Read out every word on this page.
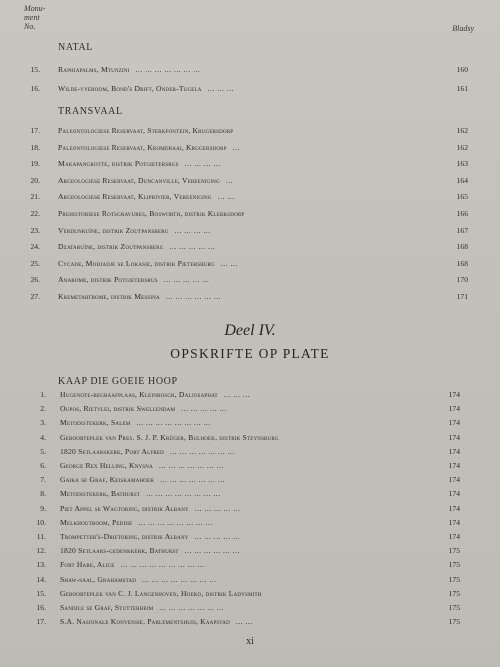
Monu-
ment
No.	Bladsy
NATAL
15. Raphiapalms, Mtunzini ... ... ... ... ... ... ...	160
16. Wilde-vyeboom, Bond's Drift, Onder-Tugela ... ... ...	161
TRANSVAAL
17. Paleontologiese Reservaat, Sterkfontein, Krugersdorp	162
18. Paleontologiese Reservaat, Kromdraai, Krugersdorp ...	162
19. Makapangrotte, distrik Potgietersrus ... ... ... ...	163
20. Argeologiese Reservaat, Duncanville, Vereeniging ...	164
21. Argeologiese Reservaat, Kliprivier, Vereeniging ... ...	165
22. Prehistoriese Rotsgravures, Bosworth, distrik Klerksdorp	166
23. Verdunruïne, distrik Zoutpansberg ... ... ... ...	167
24. Dzataruïne, distrik Zoutpansberg ... ... ... ... ...	168
25. Cycade, Modjadje se Lokasie, distrik Pietersburg ... ...	168
26. Anabome, distrik Potgietersrus ... ... ... ... ...	170
27. Kremetartbome, distrik Messina ... ... ... ... ... ...	171
Deel IV.
OPSKRIFTE OP PLATE
KAAP DIE GOEIE HOOP
1. Hugenote-begraafplaas, Kleinbosch, Daljosaphat ... ... ...	174
2. Oupos, Rietvlei, distrik Swellendam ... ... ... ... ...	174
3. Metodistekerk, Salem ... ... ... ... ... ... ... ...	174
4. Geboorteplek van Pres. S. J. P. Krüger, Bulhoek, distrik Steynsburg	174
5. 1820 Setlaarskerk, Port Alfred ... ... ... ... ... ... ...	174
6. George Rex Helling, Knysna ... ... ... ... ... ... ...	174
7. Gaika se Graf, Keiskamahoek ... ... ... ... ... ... ...	174
8. Metodistekerk, Bathurst ... ... ... ... ... ... ... ...	174
9. Piet Appel se Wagtoring, distrik Albany ... ... ... ... ...	174
10. Melkhoutboom, Peddie ... ... ... ... ... ... ... ...	174
11. Trompetter's-Driftoring, distrik Albany ... ... ... ... ...	174
12. 1820 Setlaars-gedenkkerk, Bathurst ... ... ... ... ... ...	175
13. Fort Hare, Alice ... ... ... ... ... ... ... ... ...	175
14. Shaw-saal, Grahamstad ... ... ... ... ... ... ... ...	175
15. Geboorteplek van C. J. Langenhoven, Hoeko, distrik Ladysmith	175
16. Sandile se Graf, Stutterheim ... ... ... ... ... ... ...	175
17. S.A. Nasionale Konvensie, Parlementshuis, Kaapstad ... ...	175
xi
